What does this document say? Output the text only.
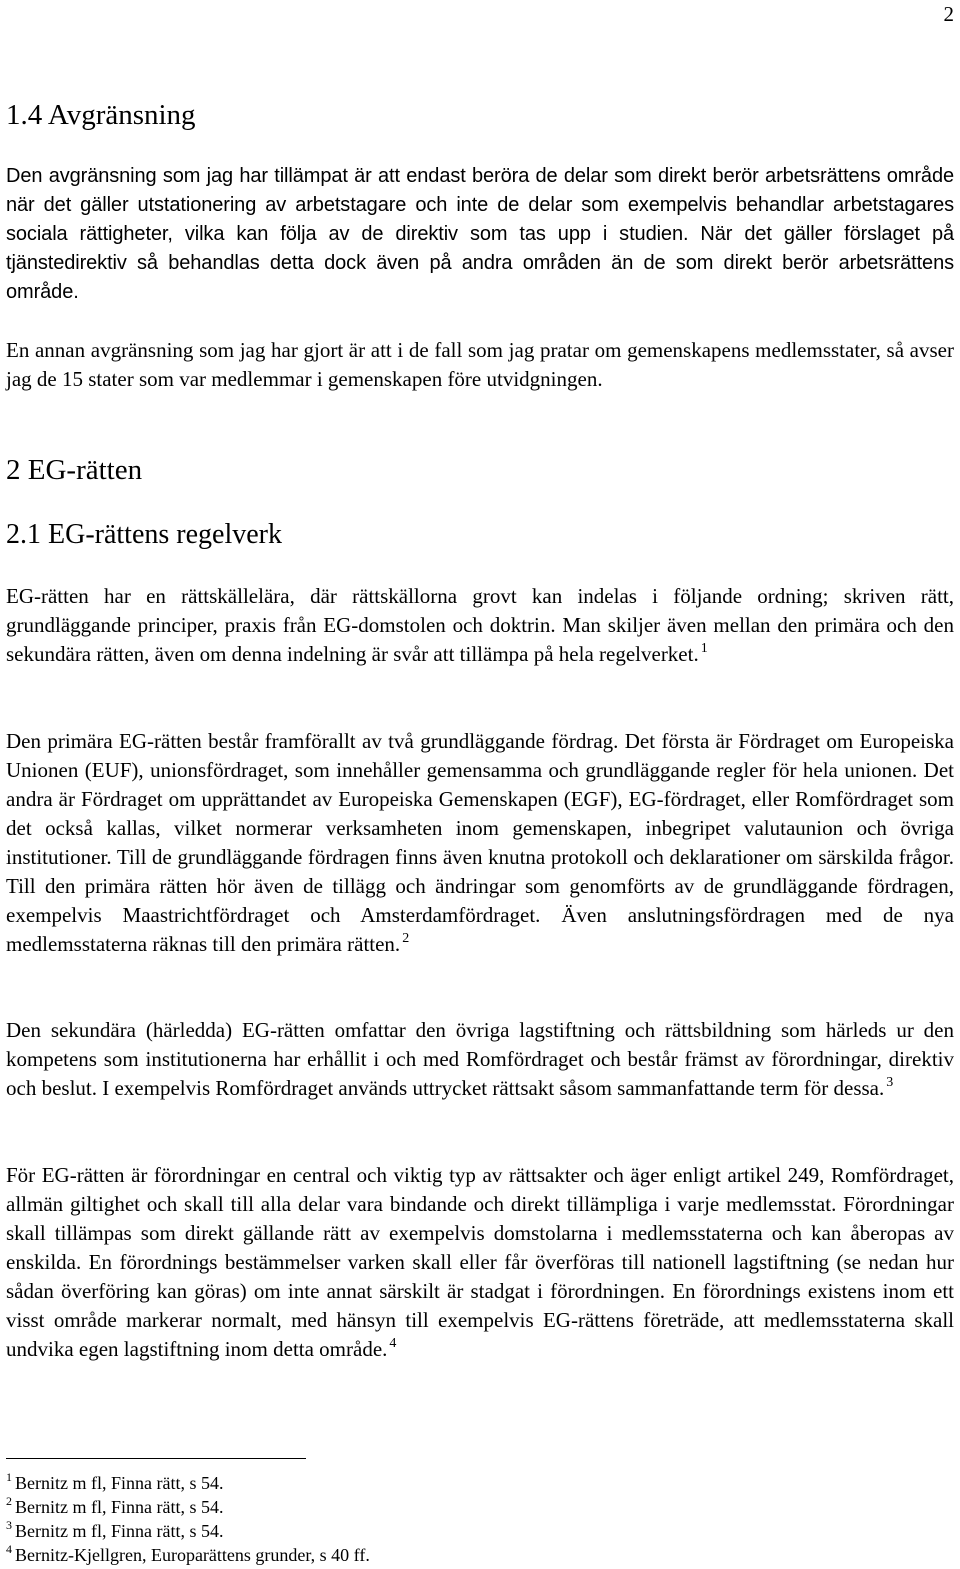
2
1.4 Avgränsning

Den avgränsning som jag har tillämpat är att endast beröra de delar som direkt berör arbetsrättens område när det gäller utstationering av arbetstagare och inte de delar som exempelvis behandlar arbetstagares sociala rättigheter, vilka kan följa av de direktiv som tas upp i studien. När det gäller förslaget på tjänstedirektiv så behandlas detta dock även på andra områden än de som direkt berör arbetsrättens område.

En annan avgränsning som jag har gjort är att i de fall som jag pratar om gemenskapens medlemsstater, så avser jag de 15 stater som var medlemmar i gemenskapen före utvidgningen.

2 EG-rätten
2.1 EG-rättens regelverk

EG-rätten har en rättskällelära, där rättskällorna grovt kan indelas i följande ordning; skriven rätt, grundläggande principer, praxis från EG-domstolen och doktrin. Man skiljer även mellan den primära och den sekundära rätten, även om denna indelning är svår att tillämpa på hela regelverket. $^1$

Den primära EG-rätten består framförallt av två grundläggande fördrag. Det första är Fördraget om Europeiska Unionen (EUF), unionsfördraget, som innehåller gemensamma och grundläggande regler för hela unionen. Det andra är Fördraget om upprättandet av Europeiska Gemenskapen (EGF), EG-fördraget, eller Romfördraget som det också kallas, vilket normerar verksamheten inom gemenskapen, inbegripet valutaunion och övriga institutioner. Till de grundläggande fördragen finns även knutna protokoll och deklarationer om särskilda frågor. Till den primära rätten hör även de tillägg och ändringar som genomförts av de grundläggande fördragen, exempelvis Maastrichtfördraget och Amsterdamfördraget. Även anslutningsfördragen med de nya medlemsstaterna räknas till den primära rätten. $^2$

Den sekundära (härledda) EG-rätten omfattar den övriga lagstiftning och rättsbildning som härleds ur den kompetens som institutionerna har erhållit i och med Romfördraget och består främst av förordningar, direktiv och beslut. I exempelvis Romfördraget används uttrycket rättsakt såsom sammanfattande term för dessa. $^3$

För EG-rätten är förordningar en central och viktig typ av rättsakter och äger enligt artikel 249, Romfördraget, allmän giltighet och skall till alla delar vara bindande och direkt tillämpliga i varje medlemsstat. Förordningar skall tillämpas som direkt gällande rätt av exempelvis domstolarna i medlemsstaterna och kan åberopas av enskilda. En förordnings bestämmelser varken skall eller får överföras till nationell lagstiftning (se nedan hur sådan överföring kan göras) om inte annat särskilt är stadgat i förordningen. En förordnings existens inom ett visst område markerar normalt, med hänsyn till exempelvis EG-rättens företräde, att medlemsstaterna skall undvika egen lagstiftning inom detta område. $^4$

$^1$ Bernitz m fl, Finna rätt, s 54.
$^2$ Bernitz m fl, Finna rätt, s 54.
$^3$ Bernitz m fl, Finna rätt, s 54.
$^4$ Bernitz-Kjellgren, Europarättens grunder, s 40 ff.
